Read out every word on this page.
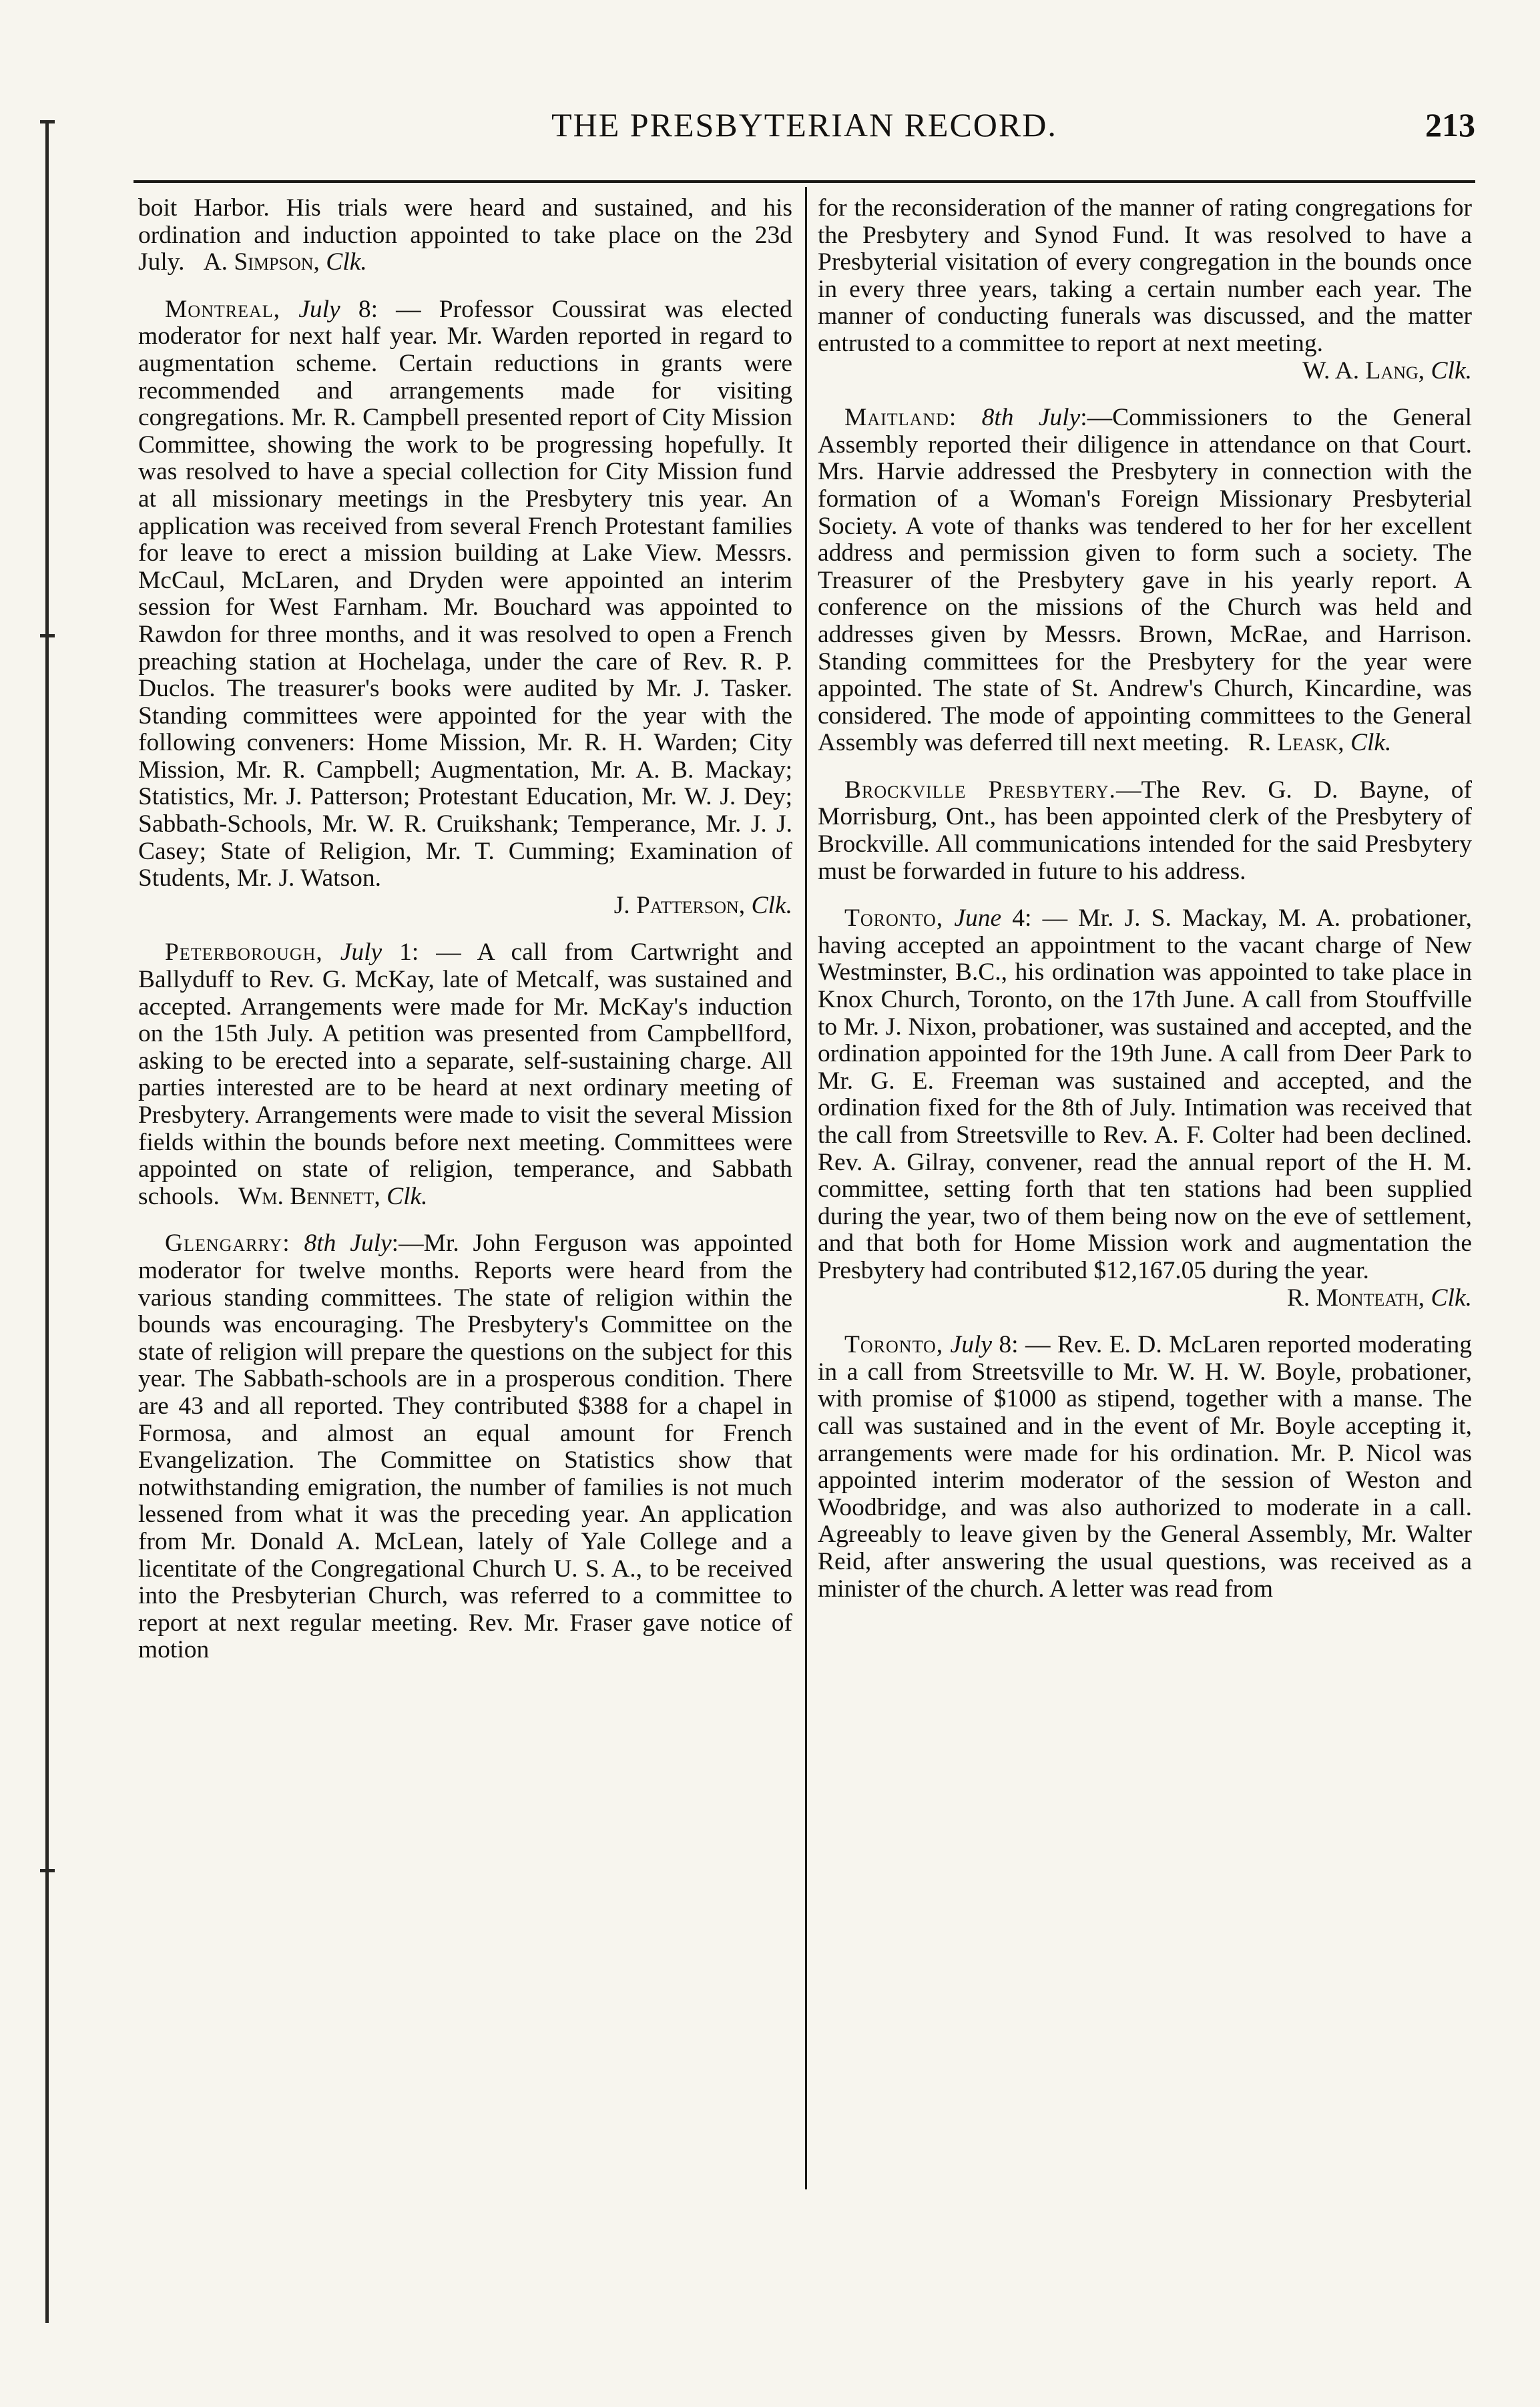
THE PRESBYTERIAN RECORD.	213

boit Harbor. His trials were heard and sustained, and his ordination and induction appointed to take place on the 23d July. A. Simpson, Clk.

Montreal, July 8: — Professor Coussirat was elected moderator for next half year. Mr. Warden reported in regard to augmentation scheme. Certain reductions in grants were recommended and arrangements made for visiting congregations. Mr. R. Campbell presented report of City Mission Committee, showing the work to be progressing hopefully. It was resolved to have a special collection for City Mission fund at all missionary meetings in the Presbytery tnis year. An application was received from several French Protestant families for leave to erect a mission building at Lake View. Messrs. McCaul, McLaren, and Dryden were appointed an interim session for West Farnham. Mr. Bouchard was appointed to Rawdon for three months, and it was resolved to open a French preaching station at Hochelaga, under the care of Rev. R. P. Duclos. The treasurer's books were audited by Mr. J. Tasker. Standing committees were appointed for the year with the following conveners: Home Mission, Mr. R. H. Warden; City Mission, Mr. R. Campbell; Augmentation, Mr. A. B. Mackay; Statistics, Mr. J. Patterson; Protestant Education, Mr. W. J. Dey; Sabbath-Schools, Mr. W. R. Cruikshank; Temperance, Mr. J. J. Casey; State of Religion, Mr. T. Cumming; Examination of Students, Mr. J. Watson.

J. Patterson, Clk.

Peterborough, July 1: — A call from Cartwright and Ballyduff to Rev. G. McKay, late of Metcalf, was sustained and accepted. Arrangements were made for Mr. McKay's induction on the 15th July. A petition was presented from Campbellford, asking to be erected into a separate, self-sustaining charge. All parties interested are to be heard at next ordinary meeting of Presbytery. Arrangements were made to visit the several Mission fields within the bounds before next meeting. Committees were appointed on state of religion, temperance, and Sabbath schools. Wm. Bennett, Clk.

Glengarry: 8th July:—Mr. John Ferguson was appointed moderator for twelve months. Reports were heard from the various standing committees. The state of religion within the bounds was encouraging. The Presbytery's Committee on the state of religion will prepare the questions on the subject for this year. The Sabbath-schools are in a prosperous condition. There are 43 and all reported. They contributed $388 for a chapel in Formosa, and almost an equal amount for French Evangelization. The Committee on Statistics show that notwithstanding emigration, the number of families is not much lessened from what it was the preceding year. An application from Mr. Donald A. McLean, lately of Yale College and a licentitate of the Congregational Church U. S. A., to be received into the Presbyterian Church, was referred to a committee to report at next regular meeting. Rev. Mr. Fraser gave notice of motion

for the reconsideration of the manner of rating congregations for the Presbytery and Synod Fund. It was resolved to have a Presbyterial visitation of every congregation in the bounds once in every three years, taking a certain number each year. The manner of conducting funerals was discussed, and the matter entrusted to a committee to report at next meeting.

W. A. Lang, Clk.

Maitland: 8th July:—Commissioners to the General Assembly reported their diligence in attendance on that Court. Mrs. Harvie addressed the Presbytery in connection with the formation of a Woman's Foreign Missionary Presbyterial Society. A vote of thanks was tendered to her for her excellent address and permission given to form such a society. The Treasurer of the Presbytery gave in his yearly report. A conference on the missions of the Church was held and addresses given by Messrs. Brown, McRae, and Harrison. Standing committees for the Presbytery for the year were appointed. The state of St. Andrew's Church, Kincardine, was considered. The mode of appointing committees to the General Assembly was deferred till next meeting. R. Leask, Clk.

Brockville Presbytery.—The Rev. G. D. Bayne, of Morrisburg, Ont., has been appointed clerk of the Presbytery of Brockville. All communications intended for the said Presbytery must be forwarded in future to his address.

Toronto, June 4: — Mr. J. S. Mackay, M. A. probationer, having accepted an appointment to the vacant charge of New Westminster, B.C., his ordination was appointed to take place in Knox Church, Toronto, on the 17th June. A call from Stouffville to Mr. J. Nixon, probationer, was sustained and accepted, and the ordination appointed for the 19th June. A call from Deer Park to Mr. G. E. Freeman was sustained and accepted, and the ordination fixed for the 8th of July. Intimation was received that the call from Streetsville to Rev. A. F. Colter had been declined. Rev. A. Gilray, convener, read the annual report of the H. M. committee, setting forth that ten stations had been supplied during the year, two of them being now on the eve of settlement, and that both for Home Mission work and augmentation the Presbytery had contributed $12,167.05 during the year.

R. Monteath, Clk.

Toronto, July 8: — Rev. E. D. McLaren reported moderating in a call from Streetsville to Mr. W. H. W. Boyle, probationer, with promise of $1000 as stipend, together with a manse. The call was sustained and in the event of Mr. Boyle accepting it, arrangements were made for his ordination. Mr. P. Nicol was appointed interim moderator of the session of Weston and Woodbridge, and was also authorized to moderate in a call. Agreeably to leave given by the General Assembly, Mr. Walter Reid, after answering the usual questions, was received as a minister of the church. A letter was read from
